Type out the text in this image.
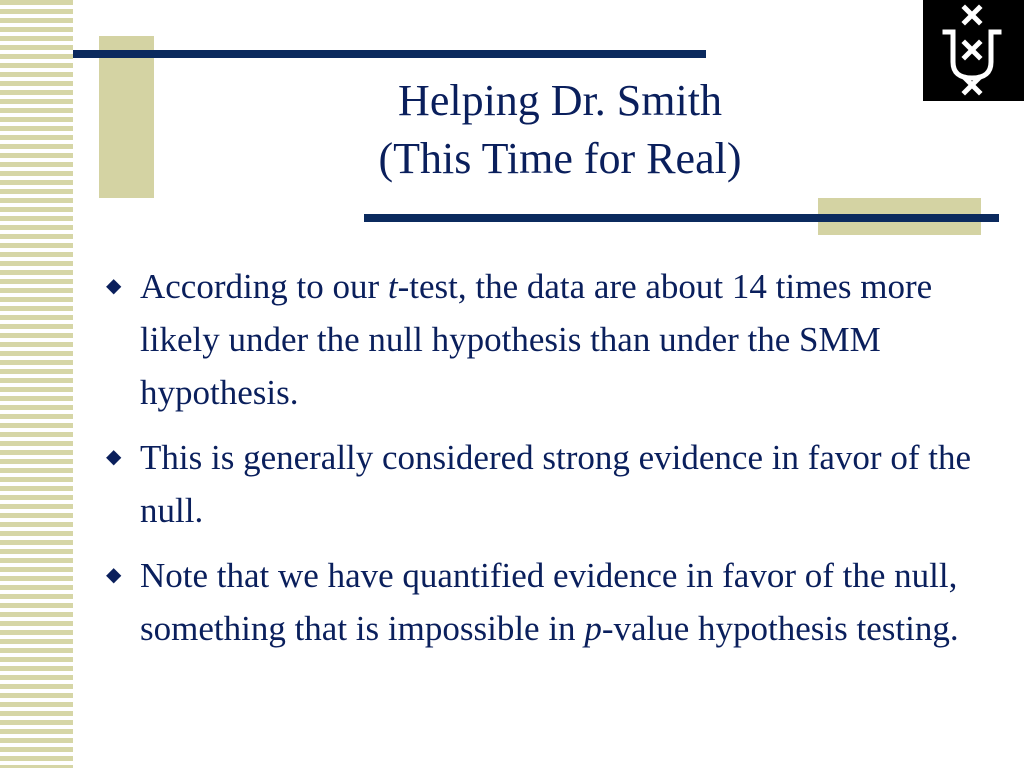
Helping Dr. Smith
(This Time for Real)
◆
According to our t-test, the data are about 14 times more likely under the null hypothesis than under the SMM hypothesis.
◆
This is generally considered strong evidence in favor of the null.
◆
Note that we have quantified evidence in favor of the null, something that is impossible in p-value hypothesis testing.
